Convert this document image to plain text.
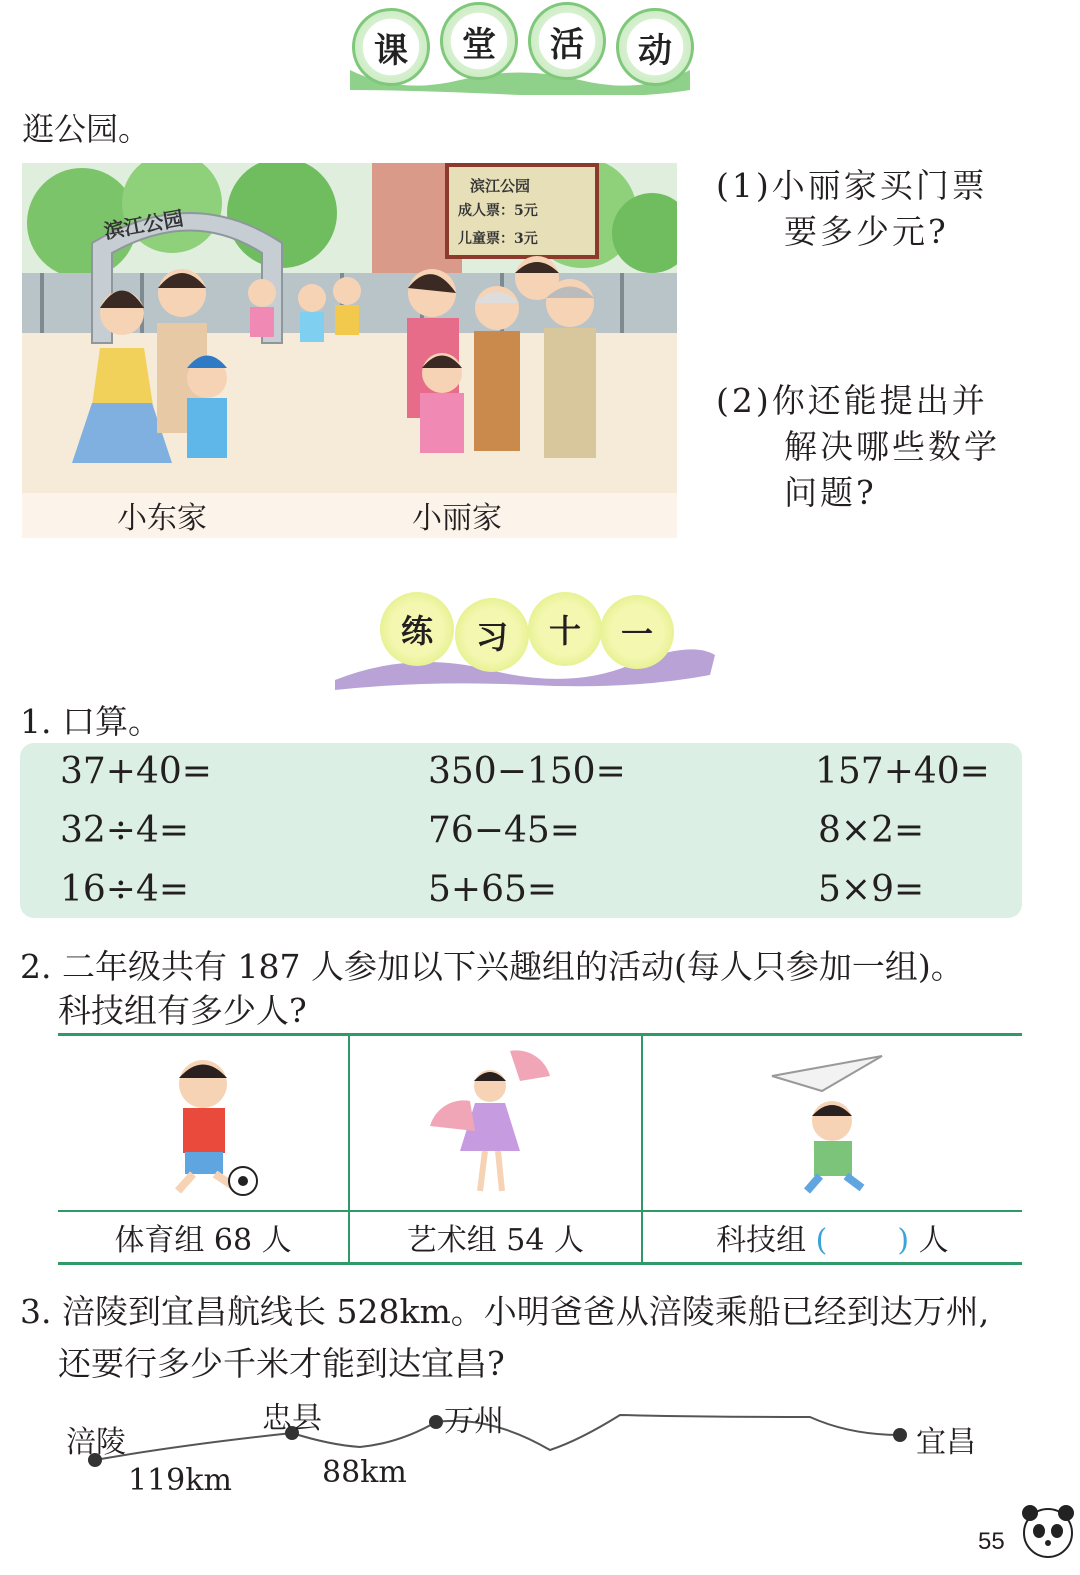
课	堂	活	动
逛公园。
滨江公园
滨江公园
成人票：5元
儿童票：3元
小东家	小丽家
(1)小丽家买门票
要多少元?
(2)你还能提出并
解决哪些数学
问题?
练	习	十	一
1. 口算。
37+40=	350−150=	157+40=
32÷4=	76−45=	8×2=
16÷4=	5+65=	5×9=
2. 二年级共有 187 人参加以下兴趣组的活动(每人只参加一组)。
科技组有多少人?

体育组 68 人	艺术组 54 人	科技组 ( ) 人
3. 涪陵到宜昌航线长 528km。小明爸爸从涪陵乘船已经到达万州,
还要行多少千米才能到达宜昌?
涪陵
忠县	万州
宜昌
119km	88km
55
